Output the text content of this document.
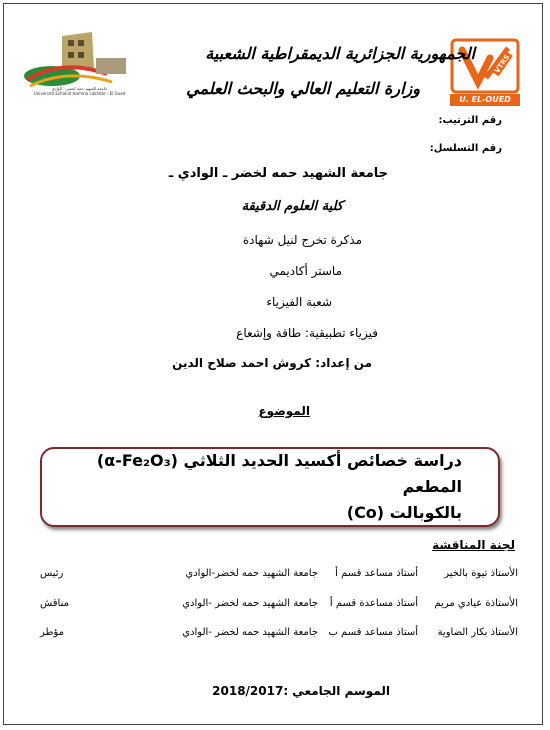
جامعة الشهيد حمة لخضر - الوادي
Université Echahid Hamma Lakhdar - El Oued
VTRS
U. EL-OUED
الجمهورية الجزائرية الديمقراطية الشعبية
وزارة التعليم العالي والبحث العلمي
رقم الترتيب:
رقم التسلسل:
جامعة الشهيد حمه لخضر ـ الوادي ـ
كلية العلوم الدقيقة
مذكرة تخرج لنيل شهادة
ماستر أكاديمي
شعبة الفيزياء
فيزياء تطبيقية: طاقة وإشعاع
من إعداد: كروش احمد صلاح الدين
الموضوع
دراسة خصائص أكسيد الحديد الثلاثي (α-Fe₂O₃) المطعم
بالكوبالت (Co)
لجنة المناقشة
الأستاذ تيوة بالخير
أستاذ مساعد قسم أ
جامعة الشهيد حمه لخضر-الوادي
رئيس
الأستاذة عيادي مريم
أستاذ مساعدة قسم أ
جامعة الشهيد حمه لخضر -الوادي
مناقش
الأستاذ بكار الضاوية
أستاذ مساعد قسم ب
جامعة الشهيد حمه لخضر -الوادي
مؤطر
الموسم الجامعي :2018/2017
